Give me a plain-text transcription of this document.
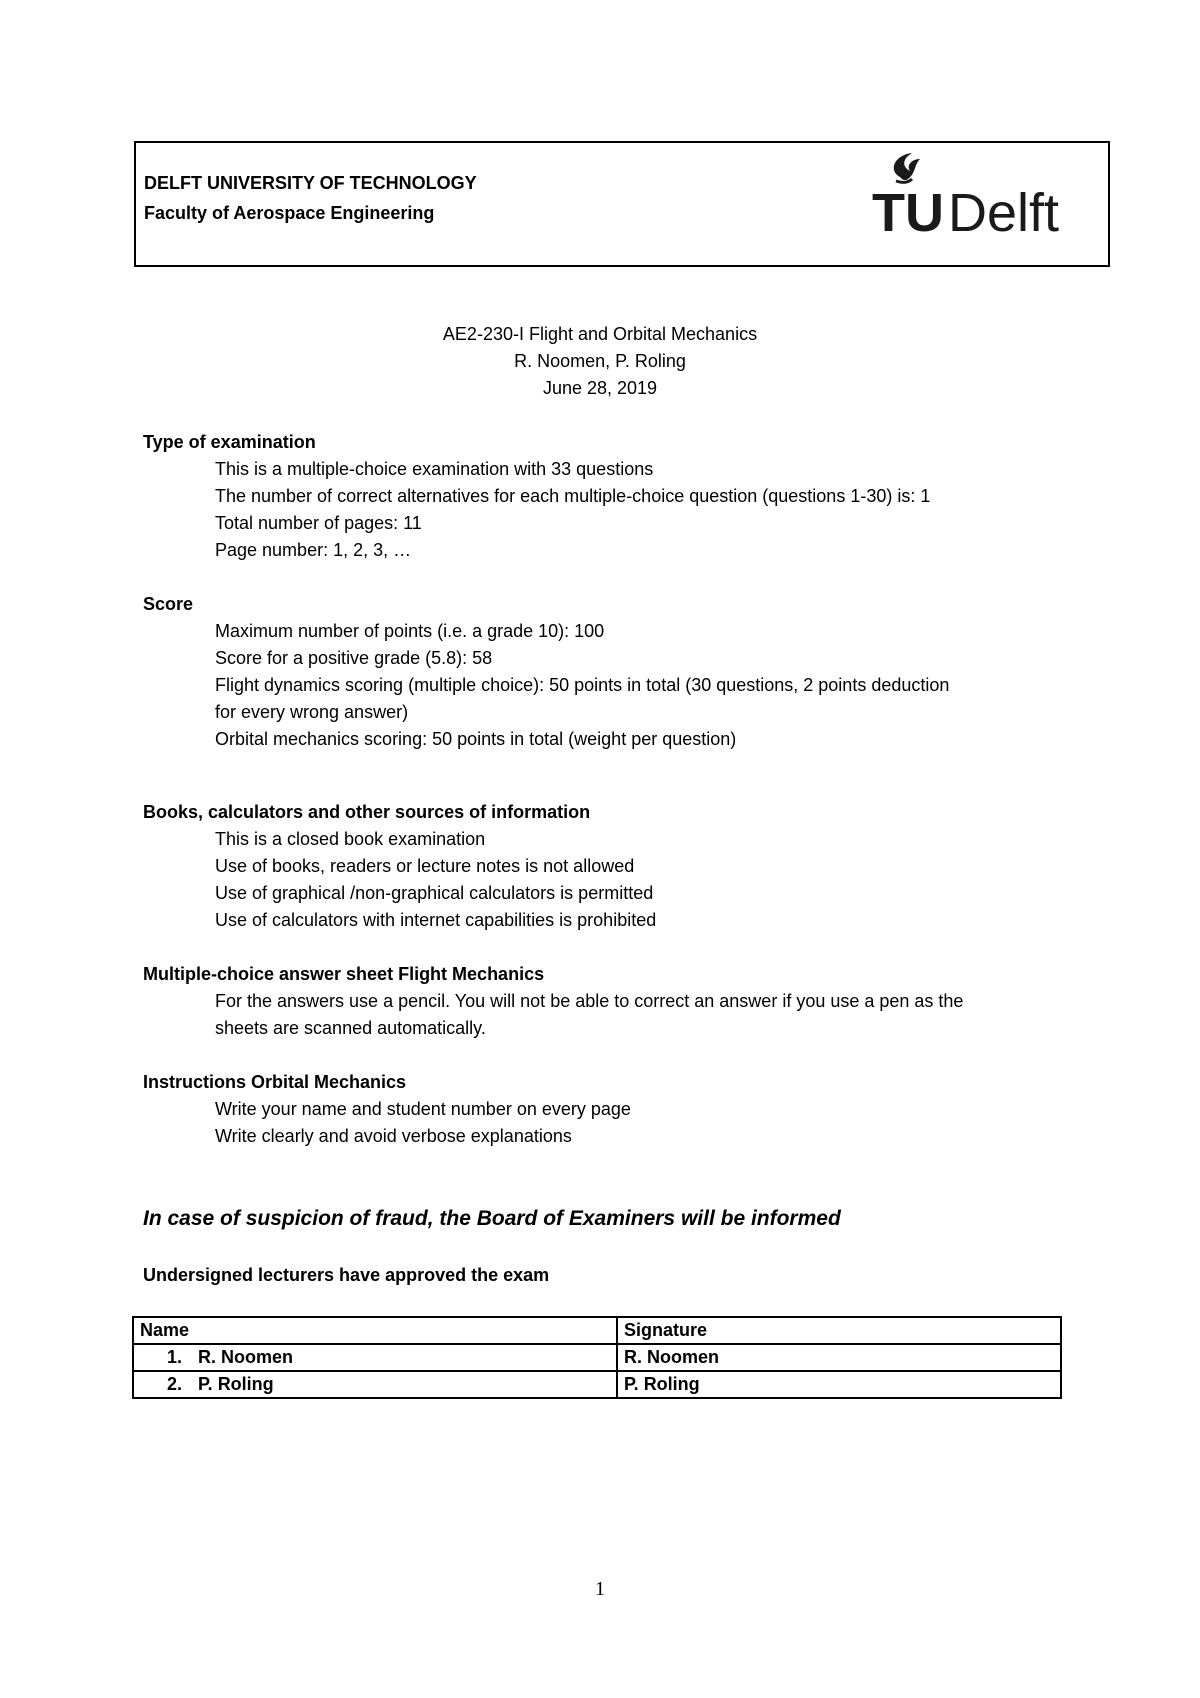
DELFT UNIVERSITY OF TECHNOLOGY
Faculty of Aerospace Engineering	TUDelft
AE2-230-I Flight and Orbital Mechanics
R. Noomen, P. Roling
June 28, 2019
Type of examination
This is a multiple-choice examination with 33 questions
The number of correct alternatives for each multiple-choice question (questions 1-30) is: 1
Total number of pages: 11
Page number: 1, 2, 3, …
Score
Maximum number of points (i.e. a grade 10): 100
Score for a positive grade (5.8): 58
Flight dynamics scoring (multiple choice): 50 points in total (30 questions, 2 points deduction
for every wrong answer)
Orbital mechanics scoring: 50 points in total (weight per question)
Books, calculators and other sources of information
This is a closed book examination
Use of books, readers or lecture notes is not allowed
Use of graphical /non-graphical calculators is permitted
Use of calculators with internet capabilities is prohibited
Multiple-choice answer sheet Flight Mechanics
For the answers use a pencil. You will not be able to correct an answer if you use a pen as the
sheets are scanned automatically.
Instructions Orbital Mechanics
Write your name and student number on every page
Write clearly and avoid verbose explanations
In case of suspicion of fraud, the Board of Examiners will be informed
Undersigned lecturers have approved the exam
Name	Signature
1. R. Noomen	R. Noomen
2. P. Roling	P. Roling
1
